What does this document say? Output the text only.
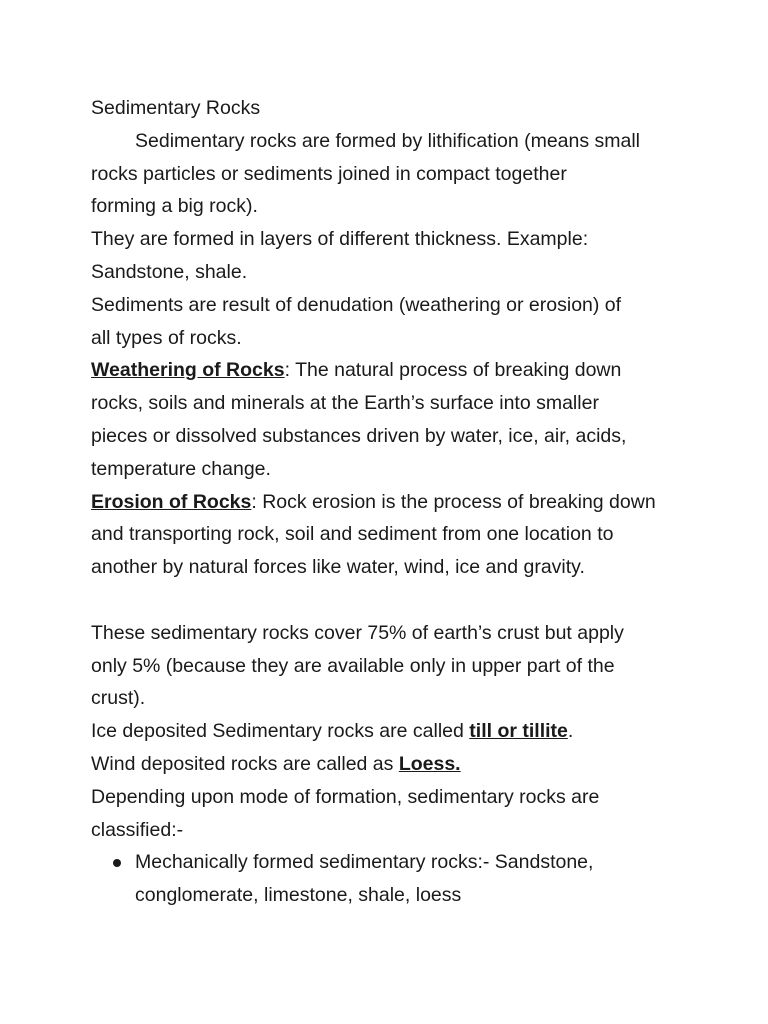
Sedimentary Rocks
Sedimentary rocks are formed by lithification (means small
rocks particles or sediments joined in compact together
forming a big rock).
They are formed in layers of different thickness. Example:
Sandstone, shale.
Sediments are result of denudation (weathering or erosion) of
all types of rocks.
Weathering of Rocks: The natural process of breaking down
rocks, soils and minerals at the Earth’s surface into smaller
pieces or dissolved substances driven by water, ice, air, acids,
temperature change.
Erosion of Rocks: Rock erosion is the process of breaking down
and transporting rock, soil and sediment from one location to
another by natural forces like water, wind, ice and gravity.
These sedimentary rocks cover 75% of earth’s crust but apply
only 5% (because they are available only in upper part of the
crust).
Ice deposited Sedimentary rocks are called till or tillite.
Wind deposited rocks are called as Loess.
Depending upon mode of formation, sedimentary rocks are
classified:-
Mechanically formed sedimentary rocks:- Sandstone,
conglomerate, limestone, shale, loess
